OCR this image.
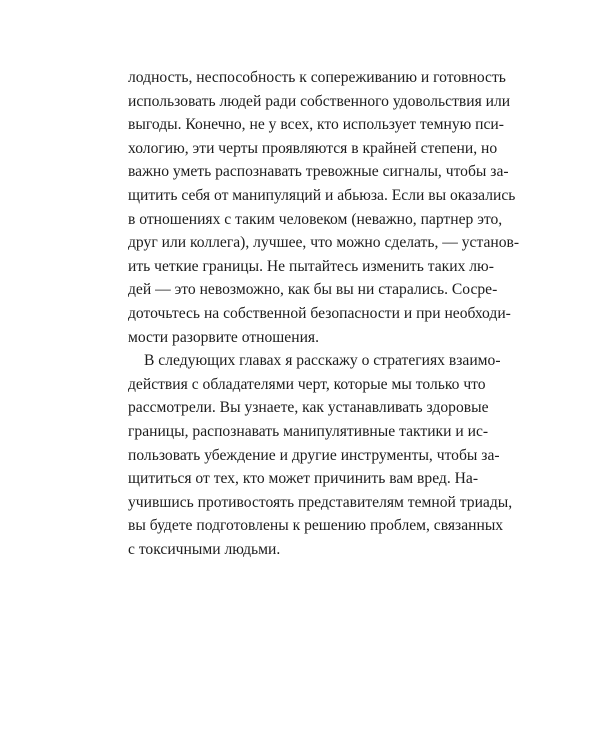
лодность, неспособность к сопереживанию и готовность
использовать людей ради собственного удовольствия или
выгоды. Конечно, не у всех, кто использует темную пси-
хологию, эти черты проявляются в крайней степени, но
важно уметь распознавать тревожные сигналы, чтобы за-
щитить себя от манипуляций и абьюза. Если вы оказались
в отношениях с таким человеком (неважно, партнер это,
друг или коллега), лучшее, что можно сделать, — установ-
ить четкие границы. Не пытайтесь изменить таких лю-
дей — это невозможно, как бы вы ни старались. Сосре-
доточьтесь на собственной безопасности и при необходи-
мости разорвите отношения.
В следующих главах я расскажу о стратегиях взаимо-
действия с обладателями черт, которые мы только что
рассмотрели. Вы узнаете, как устанавливать здоровые
границы, распознавать манипулятивные тактики и ис-
пользовать убеждение и другие инструменты, чтобы за-
щититься от тех, кто может причинить вам вред. На-
учившись противостоять представителям темной триады,
вы будете подготовлены к решению проблем, связанных
с токсичными людьми.
